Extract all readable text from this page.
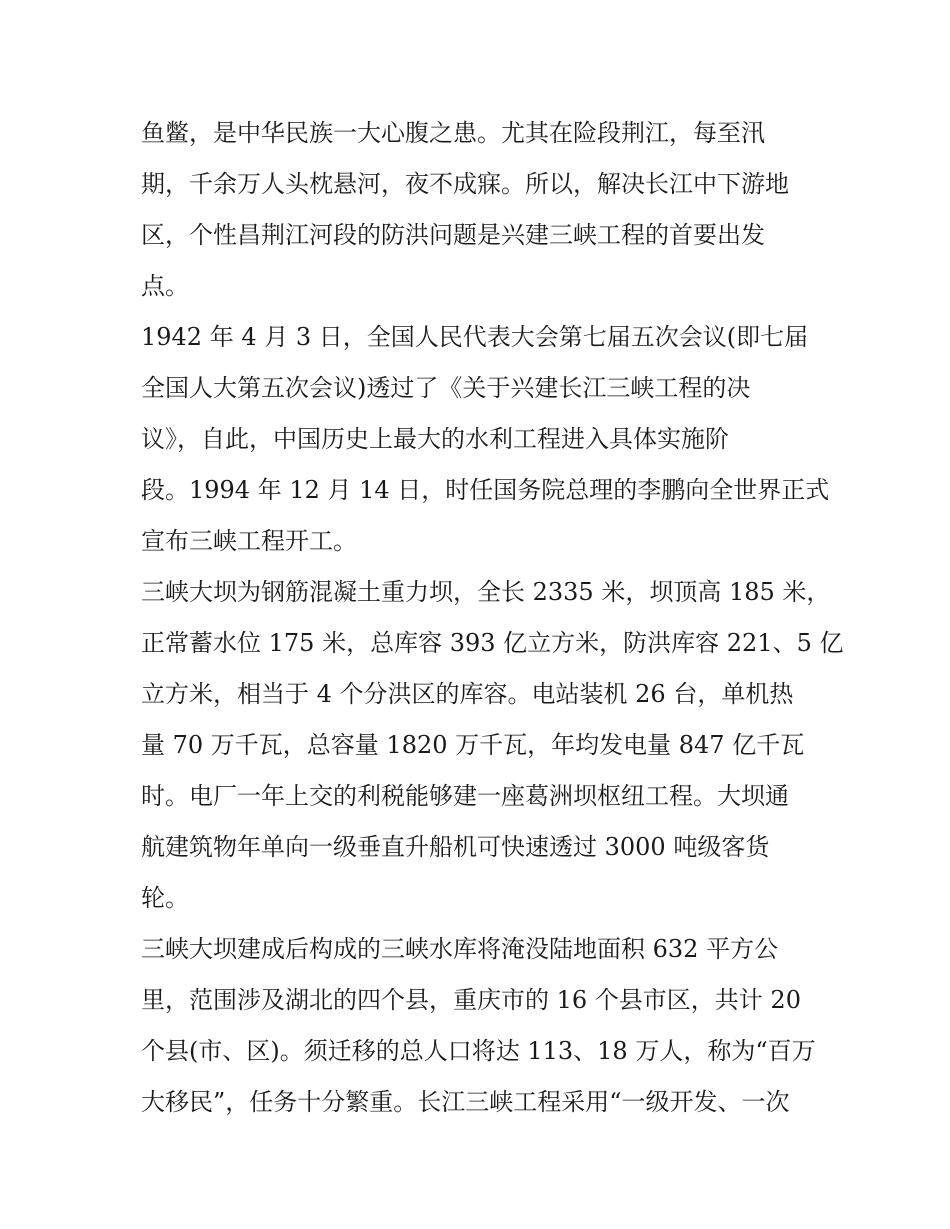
鱼鳖，是中华民族一大心腹之患。尤其在险段荆江，每至汛
期，千余万人头枕悬河，夜不成寐。所以，解决长江中下游地
区，个性昌荆江河段的防洪问题是兴建三峡工程的首要出发
点。
1942 年 4 月 3 日，全国人民代表大会第七届五次会议(即七届
全国人大第五次会议)透过了《关于兴建长江三峡工程的决
议》，自此，中国历史上最大的水利工程进入具体实施阶
段。1994 年 12 月 14 日，时任国务院总理的李鹏向全世界正式
宣布三峡工程开工。
三峡大坝为钢筋混凝土重力坝，全长 2335 米，坝顶高 185 米，
正常蓄水位 175 米，总库容 393 亿立方米，防洪库容 221、5 亿
立方米，相当于 4 个分洪区的库容。电站装机 26 台，单机热
量 70 万千瓦，总容量 1820 万千瓦，年均发电量 847 亿千瓦
时。电厂一年上交的利税能够建一座葛洲坝枢纽工程。大坝通
航建筑物年单向一级垂直升船机可快速透过 3000 吨级客货
轮。
三峡大坝建成后构成的三峡水库将淹没陆地面积 632 平方公
里，范围涉及湖北的四个县，重庆市的 16 个县市区，共计 20
个县(市、区)。须迁移的总人口将达 113、18 万人，称为“百万
大移民”，任务十分繁重。长江三峡工程采用“一级开发、一次
